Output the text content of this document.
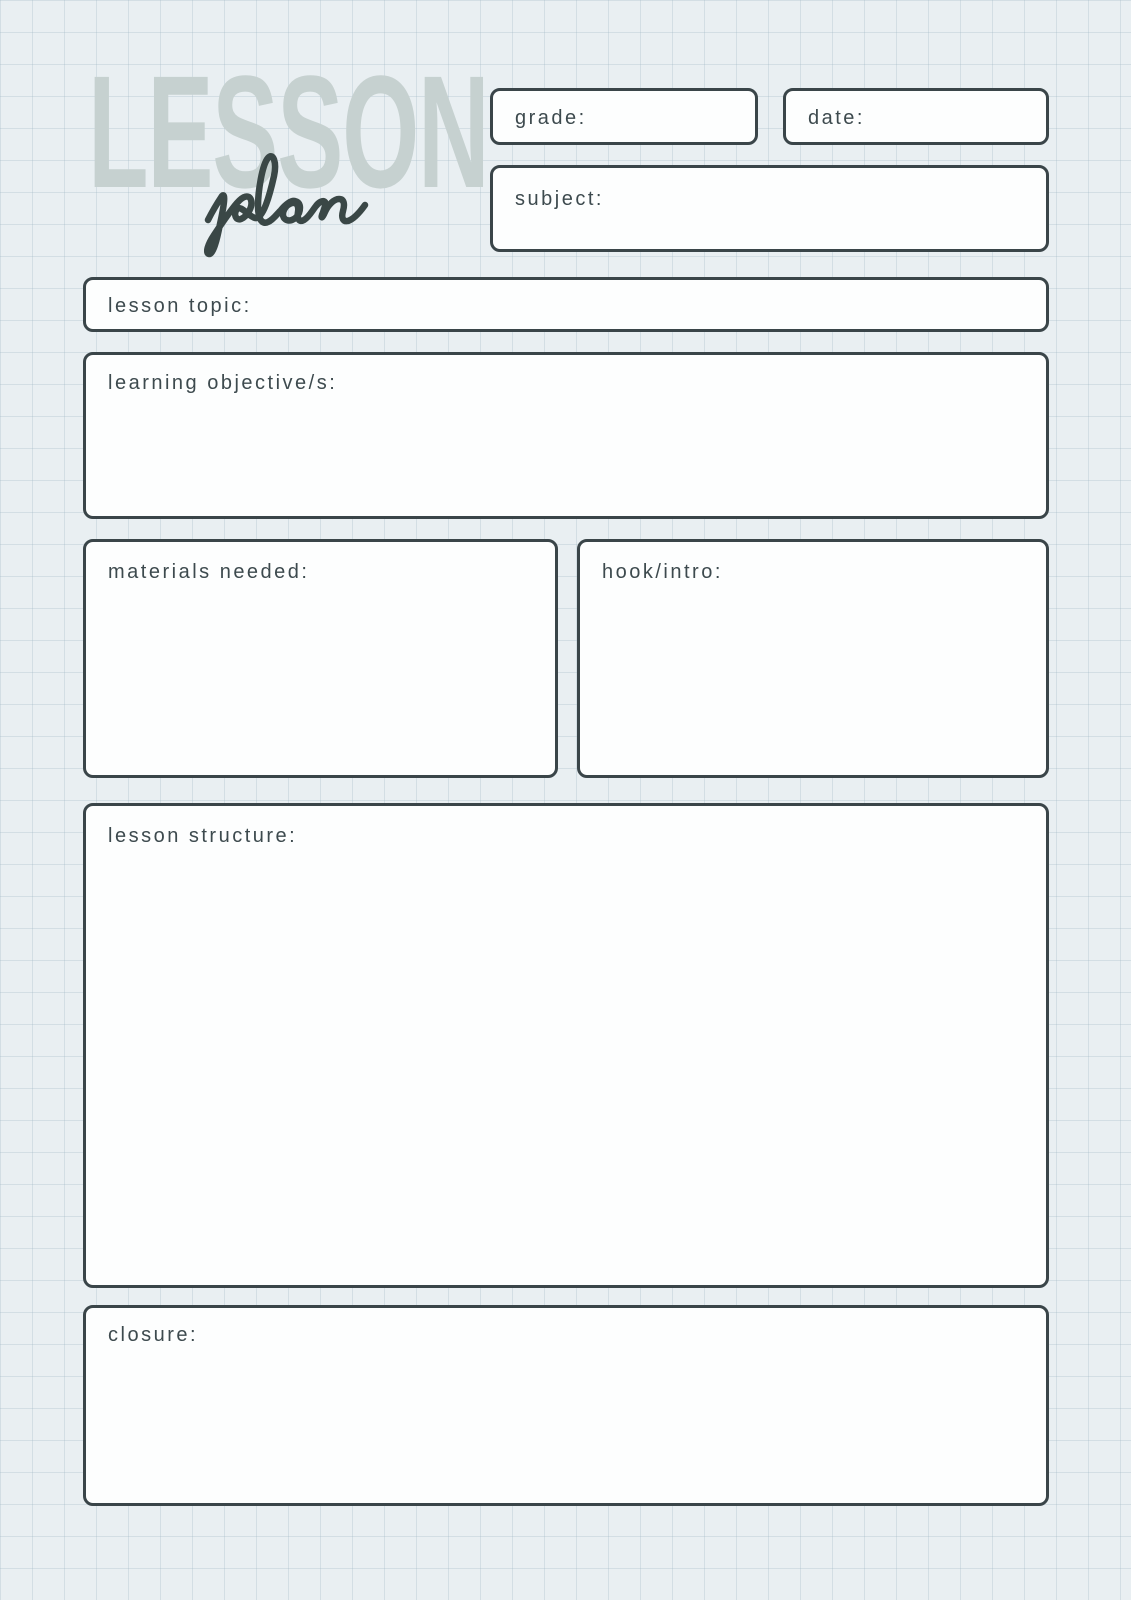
LESSON grade:	date:
subject:
lesson topic:
learning objective/s:
materials needed:	hook/intro:
lesson structure:
closure:
